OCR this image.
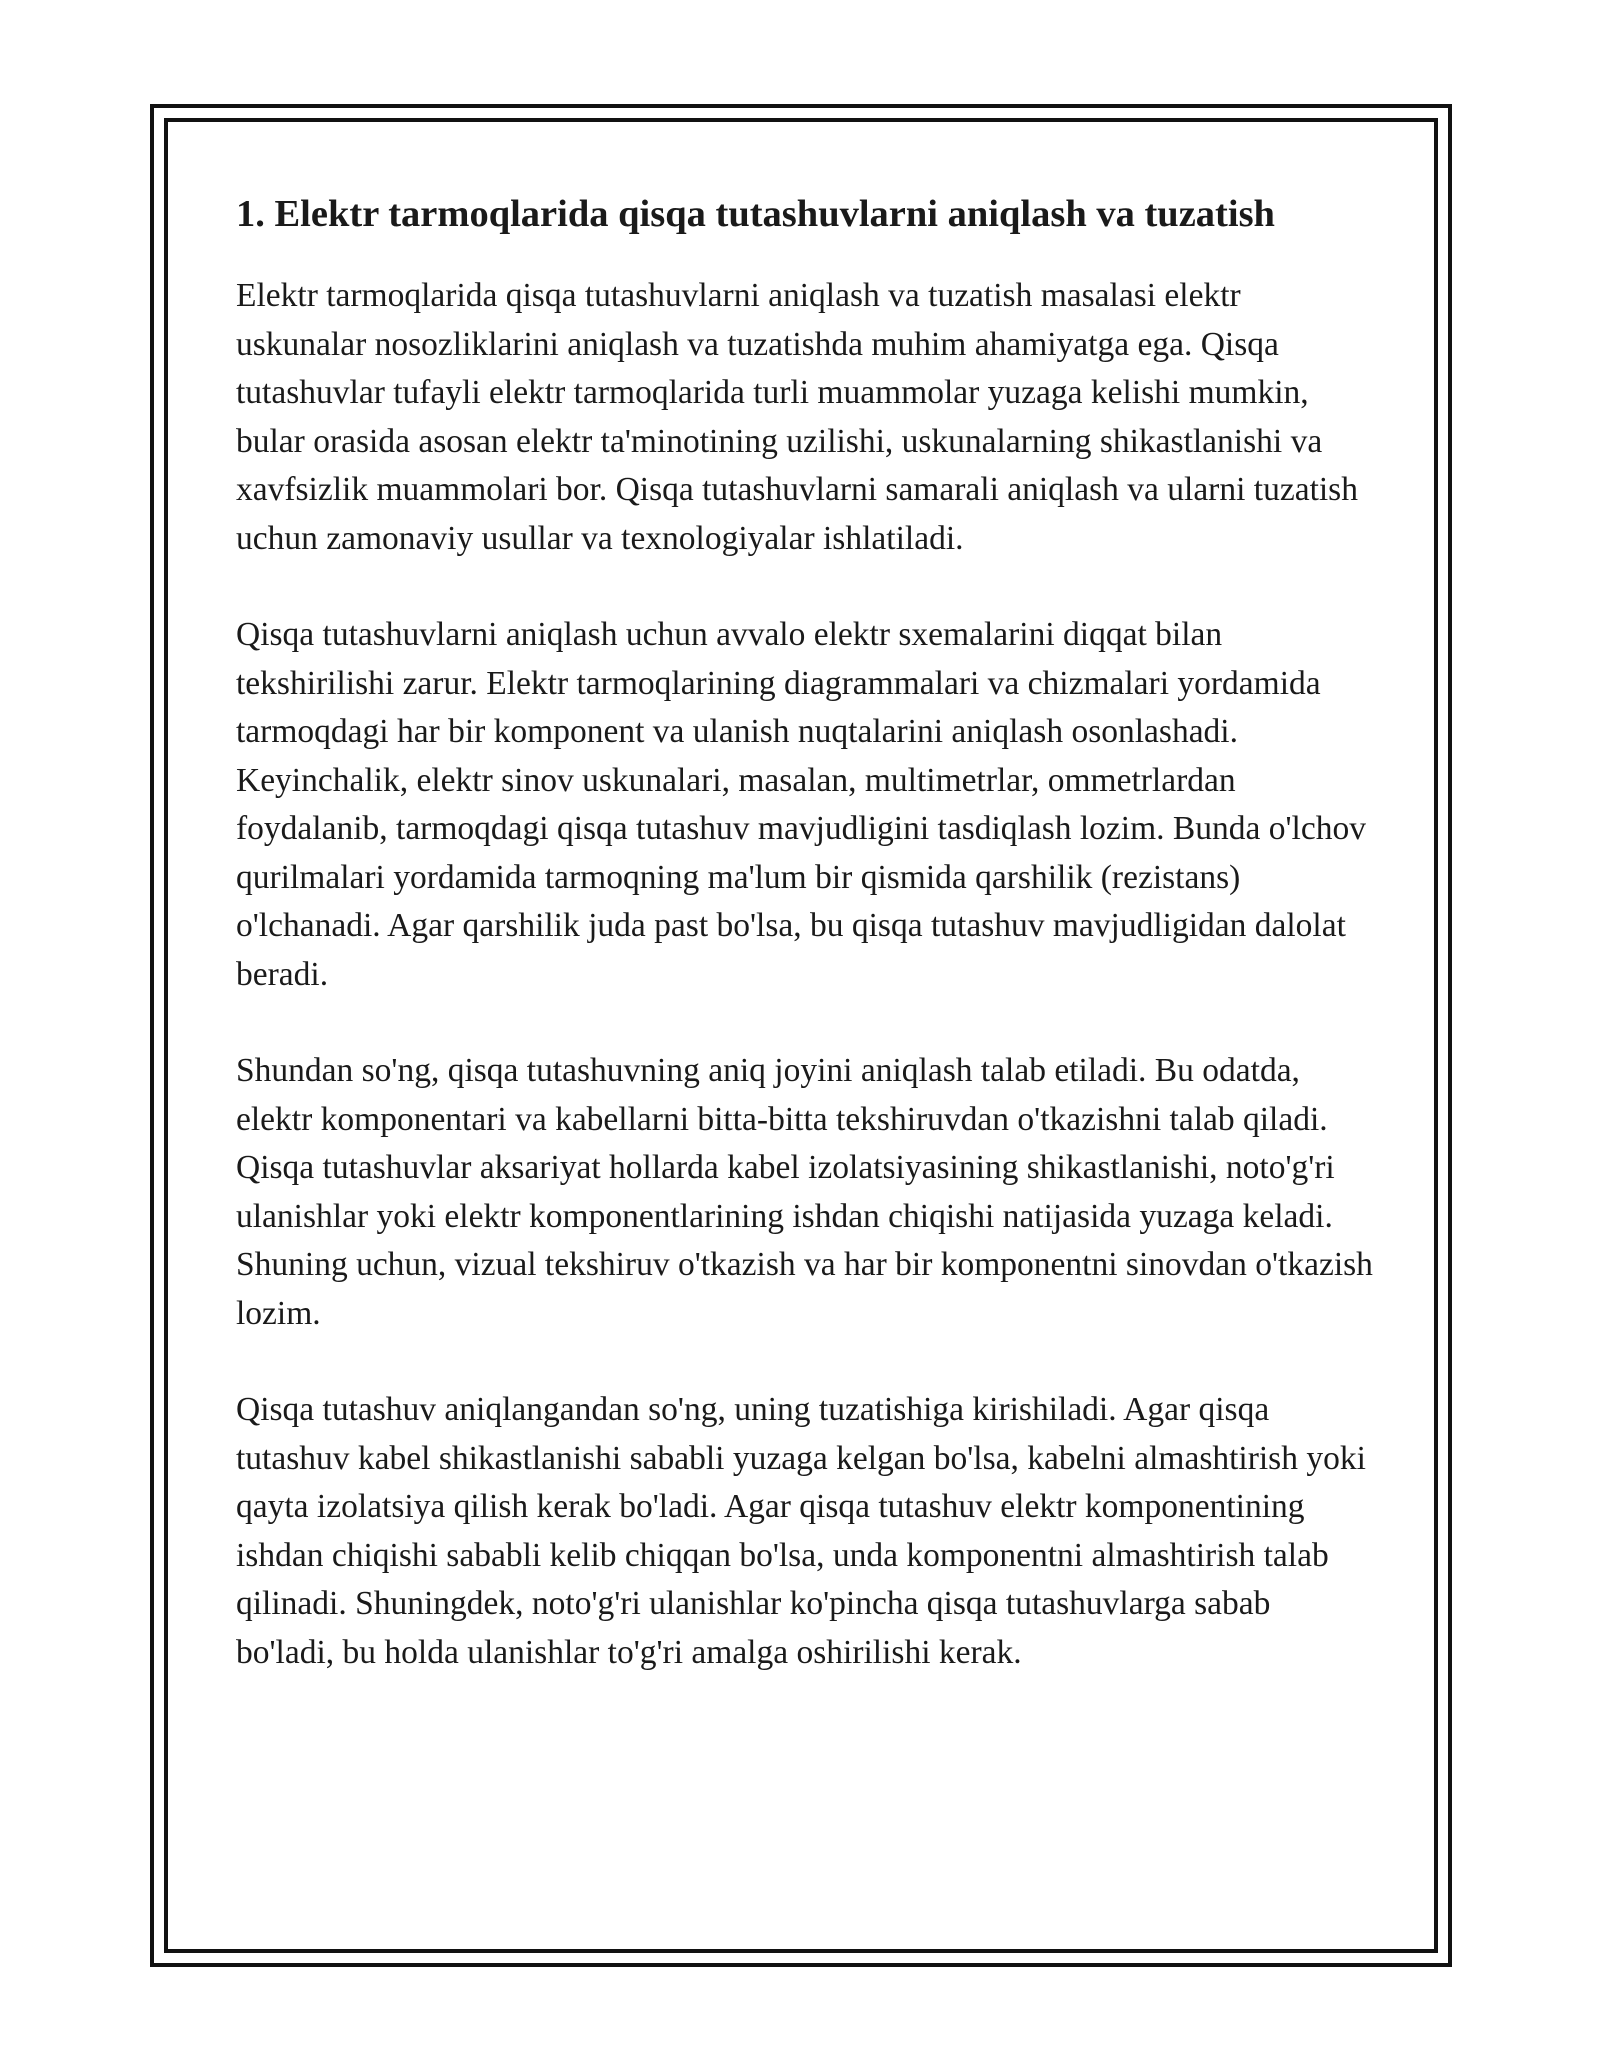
1. Elektr tarmoqlarida qisqa tutashuvlarni aniqlash va tuzatish

Elektr tarmoqlarida qisqa tutashuvlarni aniqlash va tuzatish masalasi elektr uskunalar nosozliklarini aniqlash va tuzatishda muhim ahamiyatga ega. Qisqa tutashuvlar tufayli elektr tarmoqlarida turli muammolar yuzaga kelishi mumkin, bular orasida asosan elektr ta'minotining uzilishi, uskunalarning shikastlanishi va xavfsizlik muammolari bor. Qisqa tutashuvlarni samarali aniqlash va ularni tuzatish uchun zamonaviy usullar va texnologiyalar ishlatiladi.

Qisqa tutashuvlarni aniqlash uchun avvalo elektr sxemalarini diqqat bilan tekshirilishi zarur. Elektr tarmoqlarining diagrammalari va chizmalari yordamida tarmoqdagi har bir komponent va ulanish nuqtalarini aniqlash osonlashadi. Keyinchalik, elektr sinov uskunalari, masalan, multimetrlar, ommetrlardan foydalanib, tarmoqdagi qisqa tutashuv mavjudligini tasdiqlash lozim. Bunda o'lchov qurilmalari yordamida tarmoqning ma'lum bir qismida qarshilik (rezistans) o'lchanadi. Agar qarshilik juda past bo'lsa, bu qisqa tutashuv mavjudligidan dalolat beradi.

Shundan so'ng, qisqa tutashuvning aniq joyini aniqlash talab etiladi. Bu odatda, elektr komponentari va kabellarni bitta-bitta tekshiruvdan o'tkazishni talab qiladi. Qisqa tutashuvlar aksariyat hollarda kabel izolatsiyasining shikastlanishi, noto'g'ri ulanishlar yoki elektr komponentlarining ishdan chiqishi natijasida yuzaga keladi. Shuning uchun, vizual tekshiruv o'tkazish va har bir komponentni sinovdan o'tkazish lozim.

Qisqa tutashuv aniqlangandan so'ng, uning tuzatishiga kirishiladi. Agar qisqa tutashuv kabel shikastlanishi sababli yuzaga kelgan bo'lsa, kabelni almashtirish yoki qayta izolatsiya qilish kerak bo'ladi. Agar qisqa tutashuv elektr komponentining ishdan chiqishi sababli kelib chiqqan bo'lsa, unda komponentni almashtirish talab qilinadi. Shuningdek, noto'g'ri ulanishlar ko'pincha qisqa tutashuvlarga sabab bo'ladi, bu holda ulanishlar to'g'ri amalga oshirilishi kerak.
